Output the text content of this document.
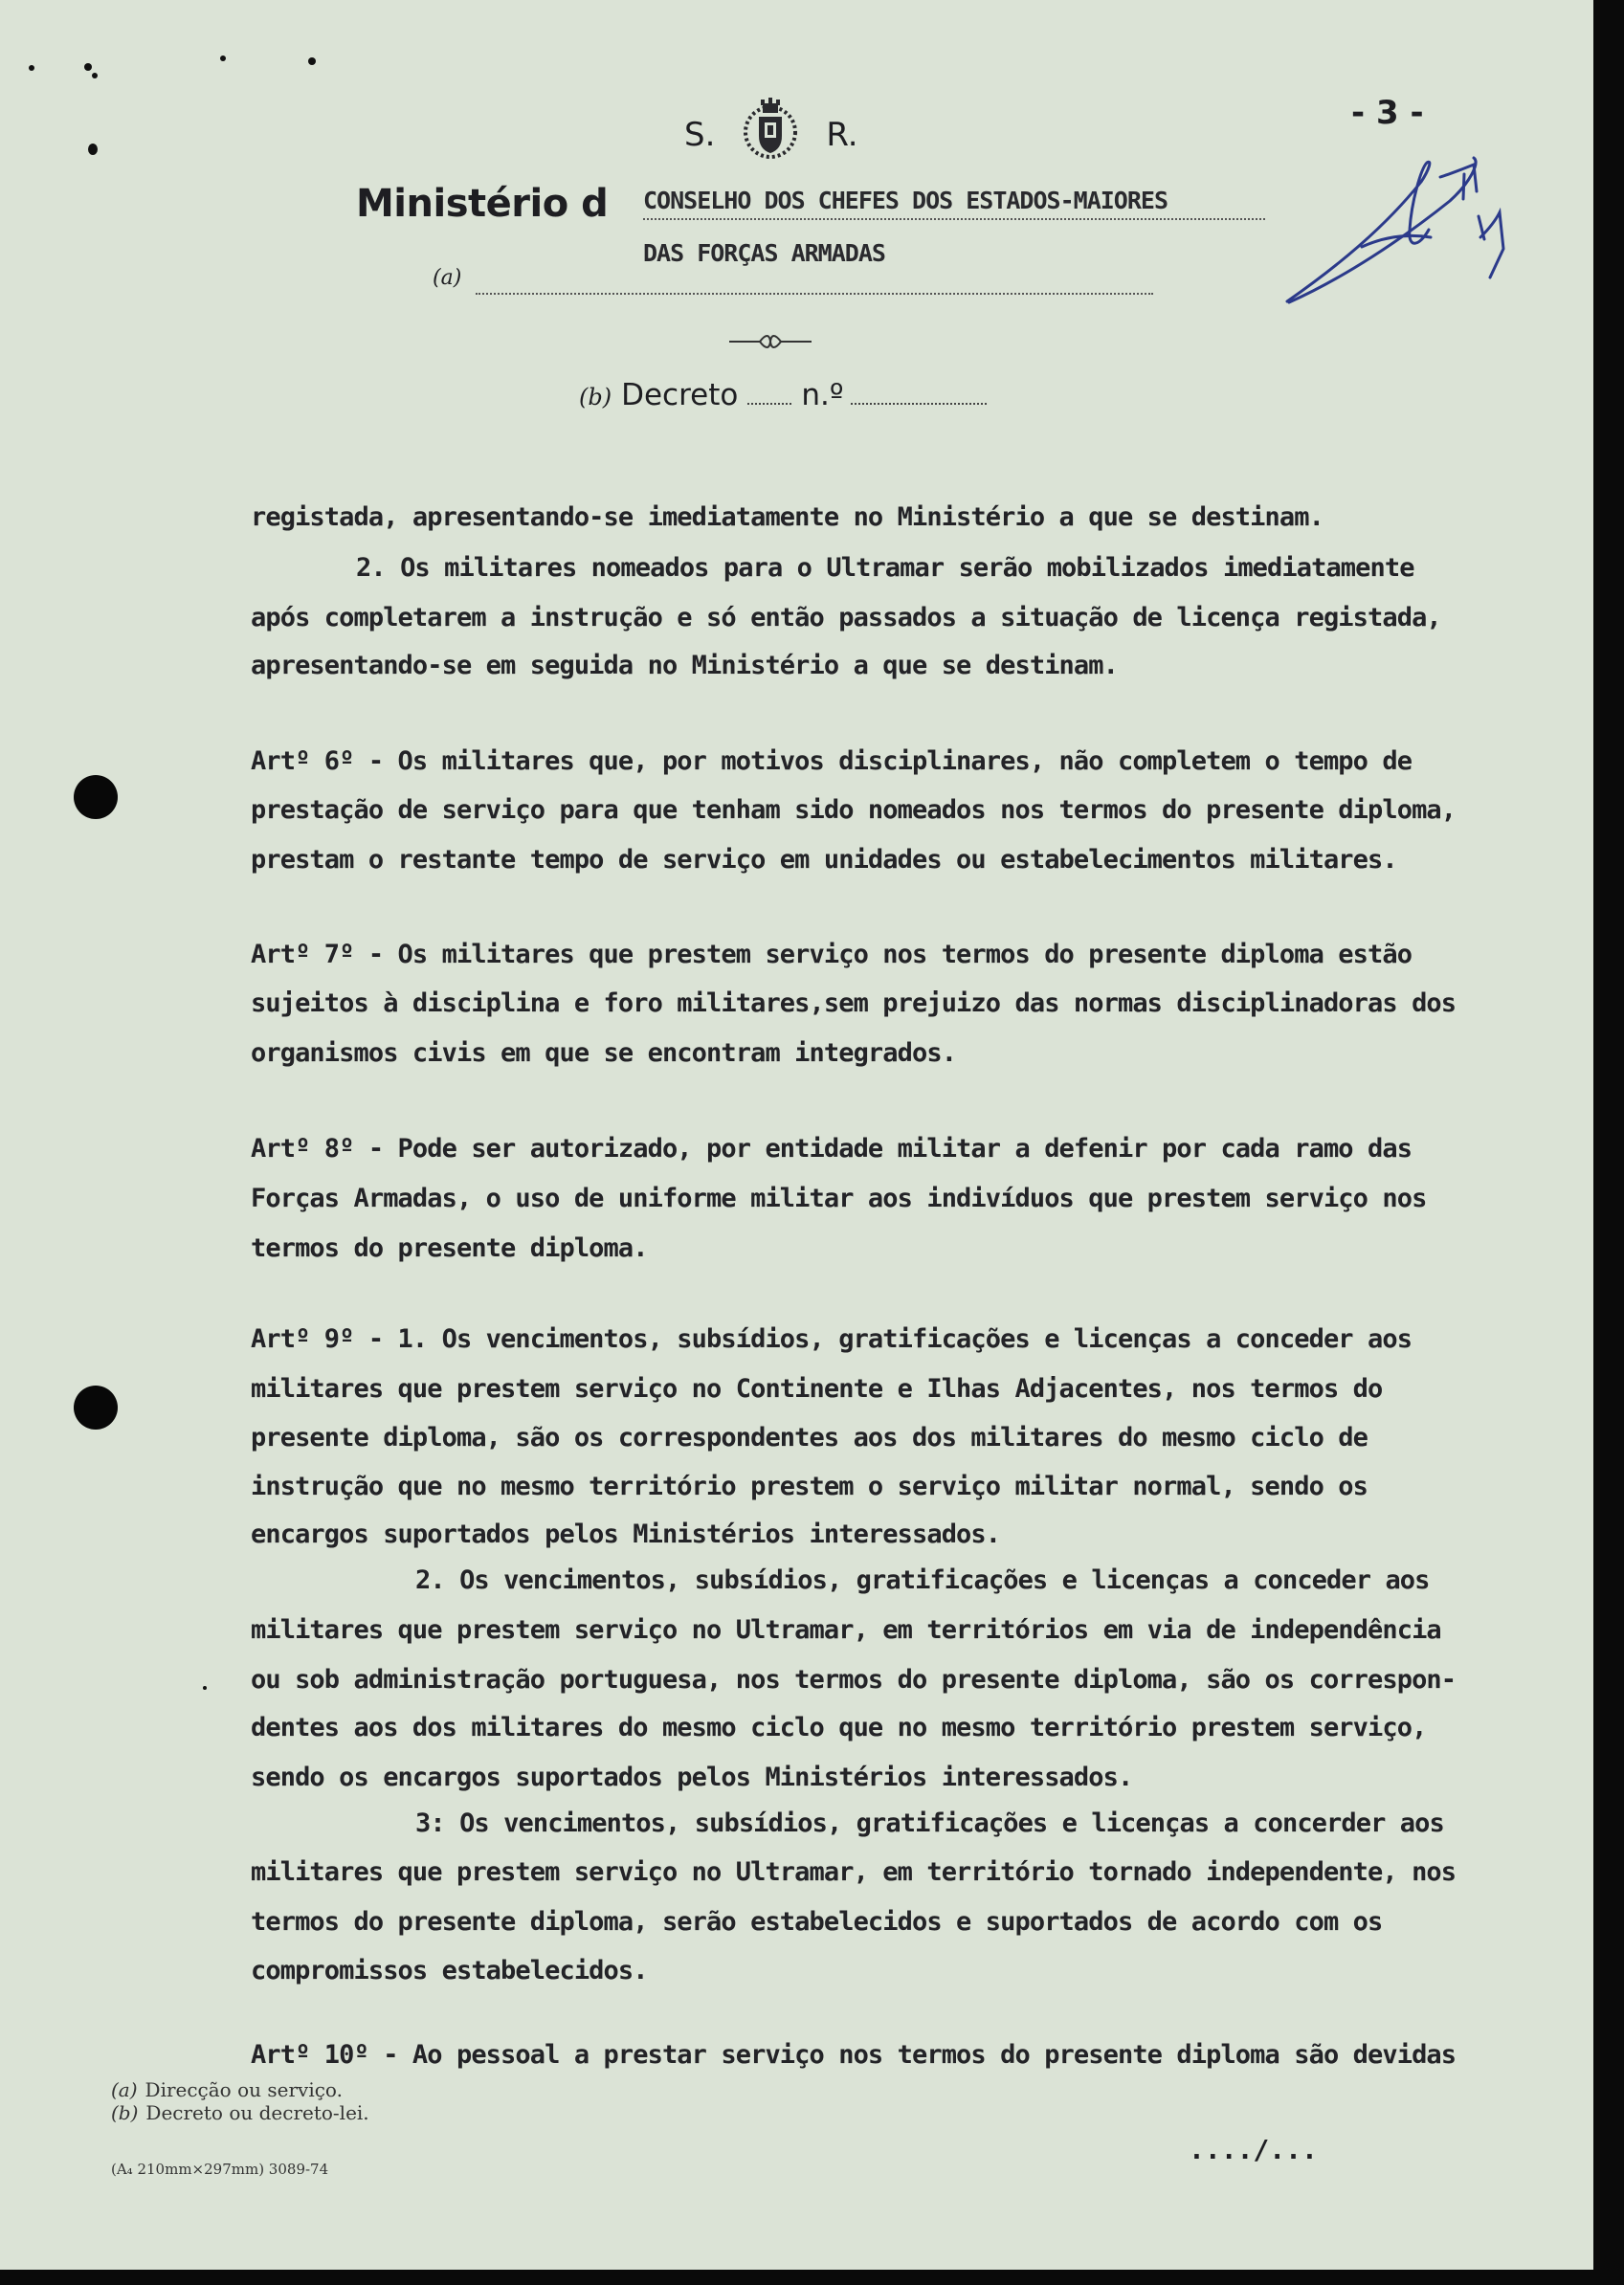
S.	R.
- 3 -
Ministério d CONSELHO DOS CHEFES DOS ESTADOS-MAIORES
DAS FORÇAS ARMADAS
(a)
(b) Decreto n.º
registada, apresentando-se imediatamente no Ministério a que se destinam.
2. Os militares nomeados para o Ultramar serão mobilizados imediatamente
após completarem a instrução e só então passados a situação de licença registada,
apresentando-se em seguida no Ministério a que se destinam.
Artº 6º - Os militares que, por motivos disciplinares, não completem o tempo de
prestação de serviço para que tenham sido nomeados nos termos do presente diploma,
prestam o restante tempo de serviço em unidades ou estabelecimentos militares.
Artº 7º - Os militares que prestem serviço nos termos do presente diploma estão
sujeitos à disciplina e foro militares,sem prejuizo das normas disciplinadoras dos
organismos civis em que se encontram integrados.
Artº 8º - Pode ser autorizado, por entidade militar a defenir por cada ramo das
Forças Armadas, o uso de uniforme militar aos indivíduos que prestem serviço nos
termos do presente diploma.
Artº 9º - 1. Os vencimentos, subsídios, gratificações e licenças a conceder aos
militares que prestem serviço no Continente e Ilhas Adjacentes, nos termos do
presente diploma, são os correspondentes aos dos militares do mesmo ciclo de
instrução que no mesmo território prestem o serviço militar normal, sendo os
encargos suportados pelos Ministérios interessados.
2. Os vencimentos, subsídios, gratificações e licenças a conceder aos
militares que prestem serviço no Ultramar, em territórios em via de independência
ou sob administração portuguesa, nos termos do presente diploma, são os correspon-
dentes aos dos militares do mesmo ciclo que no mesmo território prestem serviço,
sendo os encargos suportados pelos Ministérios interessados.
3: Os vencimentos, subsídios, gratificações e licenças a concerder aos
militares que prestem serviço no Ultramar, em território tornado independente, nos
termos do presente diploma, serão estabelecidos e suportados de acordo com os
compromissos estabelecidos.
Artº 10º - Ao pessoal a prestar serviço nos termos do presente diploma são devidas
(a) Direcção ou serviço.
(b) Decreto ou decreto-lei.
(A₄ 210mm×297mm) 3089-74
..../...
